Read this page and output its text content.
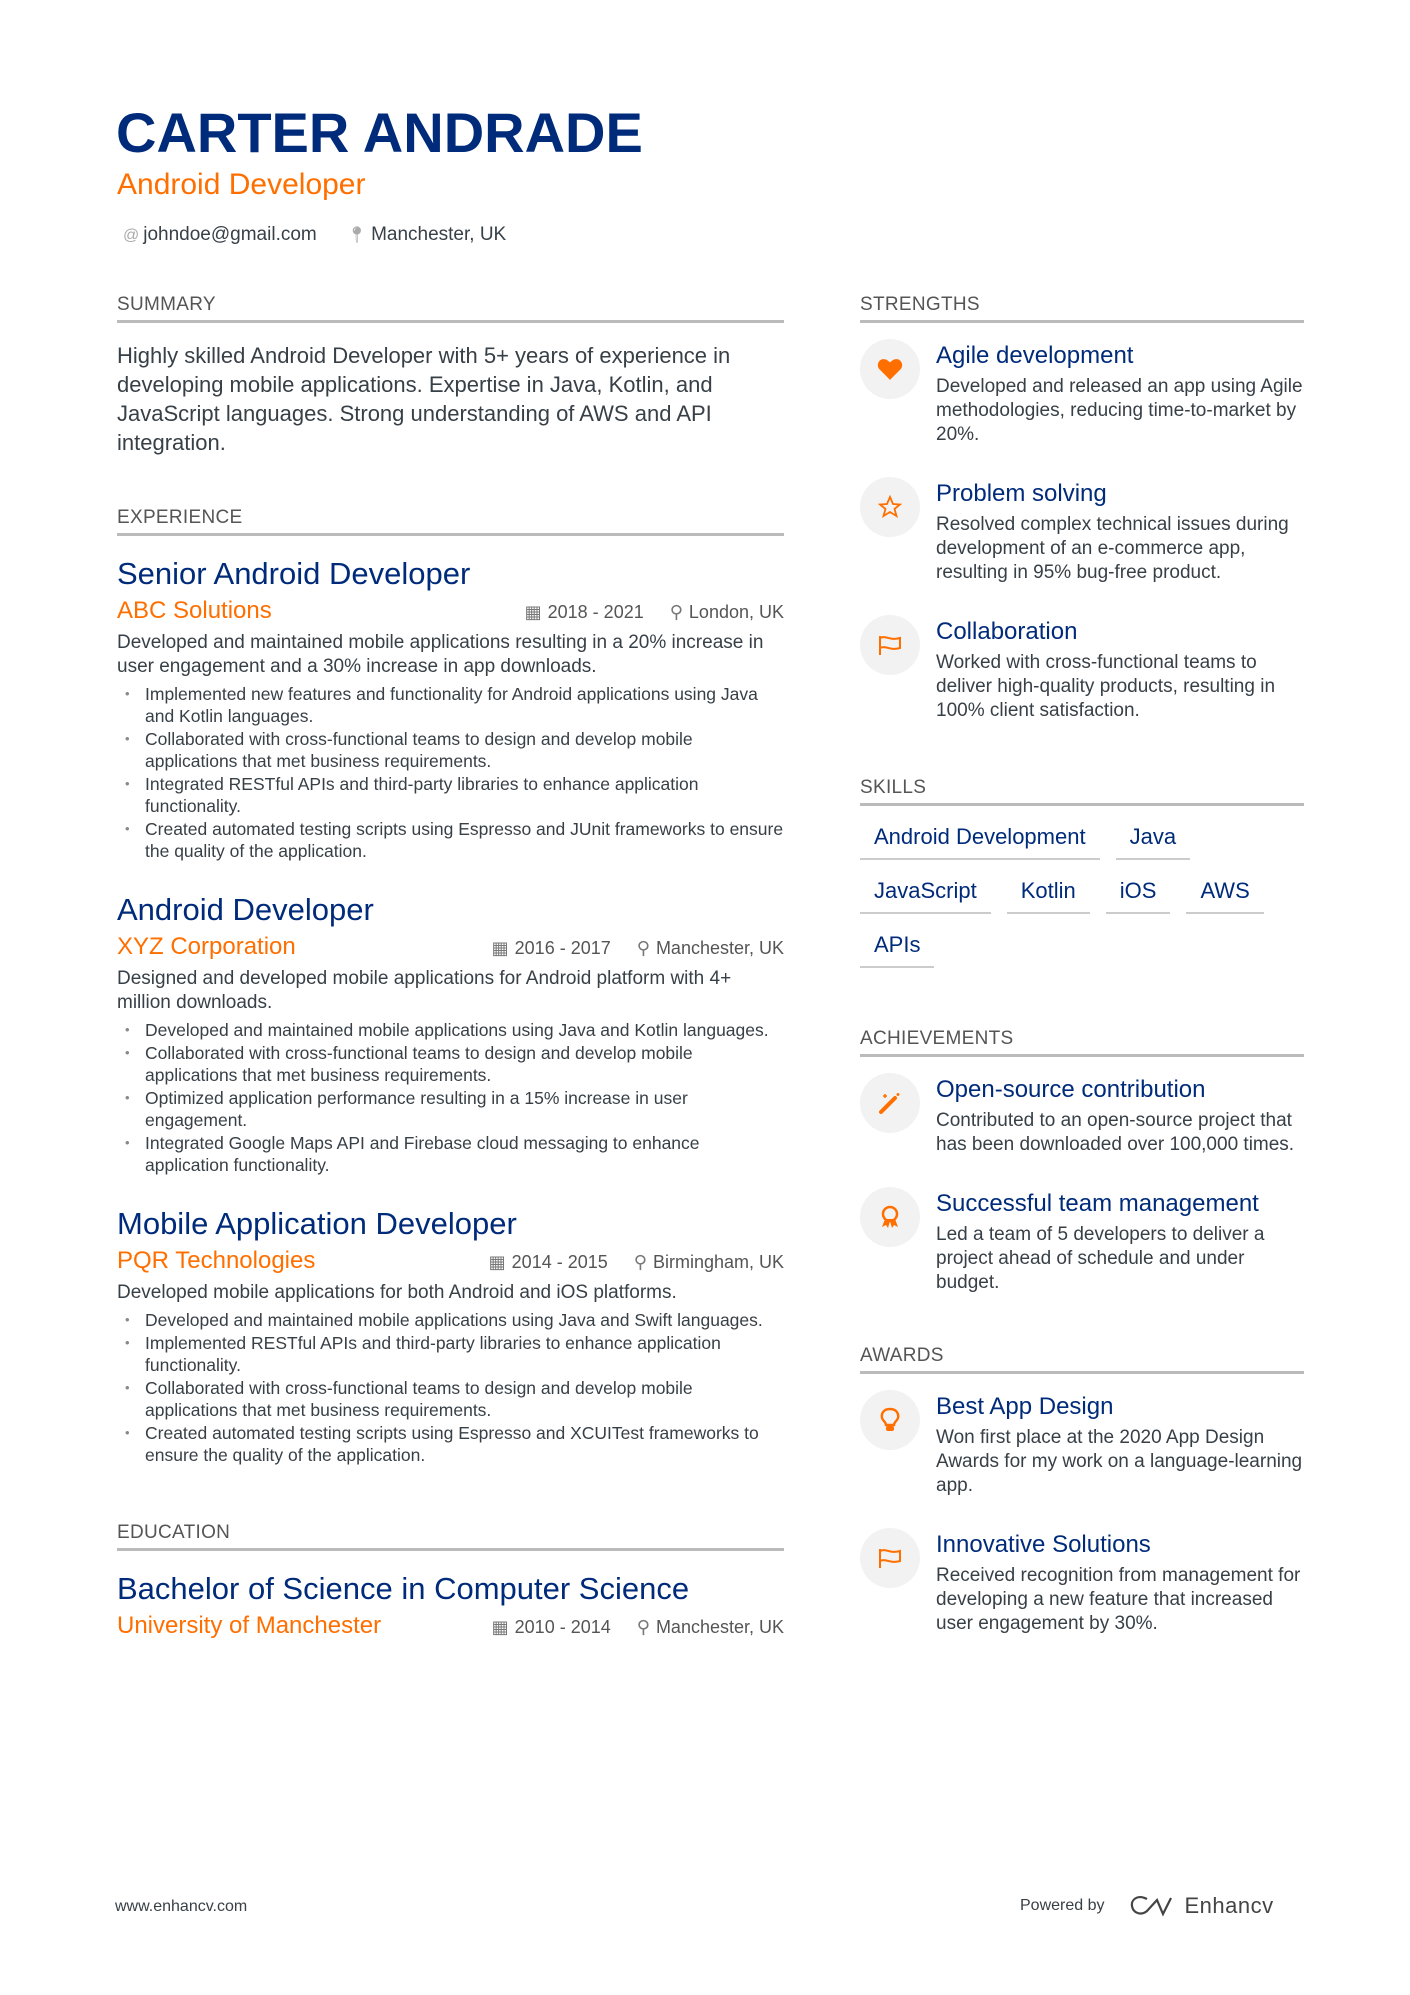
CARTER ANDRADE
Android Developer
@ johndoe@gmail.com 📍︎ Manchester, UK
SUMMARY
Highly skilled Android Developer with 5+ years of experience in developing mobile applications. Expertise in Java, Kotlin, and JavaScript languages. Strong understanding of AWS and API integration.
EXPERIENCE
Senior Android Developer
ABC Solutions	▦ 2018 - 2021 ⚲ London, UK
Developed and maintained mobile applications resulting in a 20% increase in user engagement and a 30% increase in app downloads.
• Implemented new features and functionality for Android applications using Java and Kotlin languages.
• Collaborated with cross-functional teams to design and develop mobile applications that met business requirements.
• Integrated RESTful APIs and third-party libraries to enhance application functionality.
• Created automated testing scripts using Espresso and JUnit frameworks to ensure the quality of the application.
Android Developer
XYZ Corporation	▦ 2016 - 2017 ⚲ Manchester, UK
Designed and developed mobile applications for Android platform with 4+ million downloads.
• Developed and maintained mobile applications using Java and Kotlin languages.
• Collaborated with cross-functional teams to design and develop mobile applications that met business requirements.
• Optimized application performance resulting in a 15% increase in user engagement.
• Integrated Google Maps API and Firebase cloud messaging to enhance application functionality.
Mobile Application Developer
PQR Technologies	▦ 2014 - 2015 ⚲ Birmingham, UK
Developed mobile applications for both Android and iOS platforms.
• Developed and maintained mobile applications using Java and Swift languages.
• Implemented RESTful APIs and third-party libraries to enhance application functionality.
• Collaborated with cross-functional teams to design and develop mobile applications that met business requirements.
• Created automated testing scripts using Espresso and XCUITest frameworks to ensure the quality of the application.
EDUCATION
Bachelor of Science in Computer Science
University of Manchester	▦ 2010 - 2014 ⚲ Manchester, UK
STRENGTHS
Agile development
Developed and released an app using Agile methodologies, reducing time-to-market by 20%.
Problem solving
Resolved complex technical issues during development of an e-commerce app, resulting in 95% bug-free product.
Collaboration
Worked with cross-functional teams to deliver high-quality products, resulting in 100% client satisfaction.
SKILLS
Android Development	Java
JavaScript	Kotlin	iOS	AWS
APIs
ACHIEVEMENTS
Open-source contribution
Contributed to an open-source project that has been downloaded over 100,000 times.
Successful team management
Led a team of 5 developers to deliver a project ahead of schedule and under budget.
AWARDS
Best App Design
Won first place at the 2020 App Design Awards for my work on a language-learning app.
Innovative Solutions
Received recognition from management for developing a new feature that increased user engagement by 30%.
www.enhancv.com	Powered by	Enhancv
